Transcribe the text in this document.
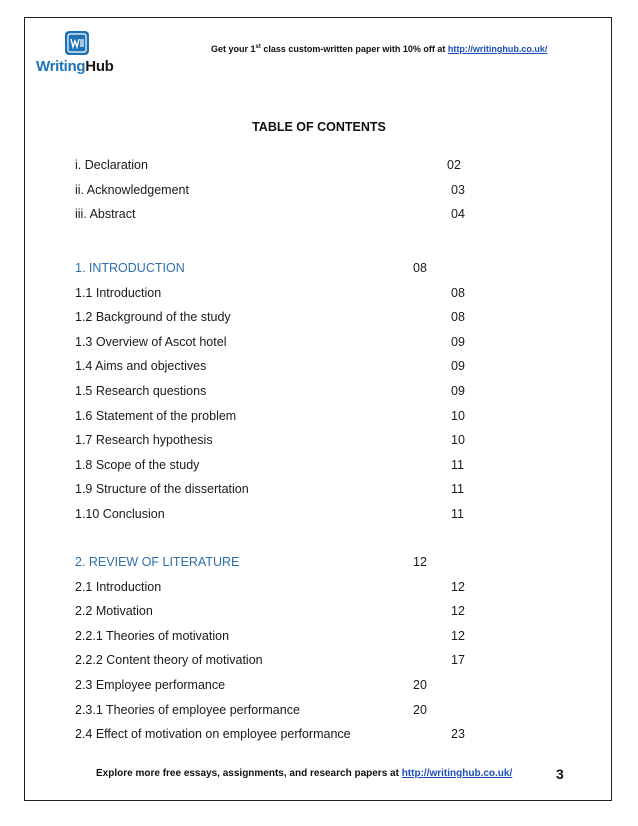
WritingHub
Get your 1st class custom-written paper with 10% off at http://writinghub.co.uk/
TABLE OF CONTENTS
i. Declaration	02
ii. Acknowledgement	03
iii. Abstract	04
1. INTRODUCTION	08
1.1 Introduction	08
1.2 Background of the study	08
1.3 Overview of Ascot hotel	09
1.4 Aims and objectives	09
1.5 Research questions	09
1.6 Statement of the problem	10
1.7 Research hypothesis	10
1.8 Scope of the study	11
1.9 Structure of the dissertation	11
1.10 Conclusion	11
2. REVIEW OF LITERATURE	12
2.1 Introduction	12
2.2 Motivation	12
2.2.1 Theories of motivation	12
2.2.2 Content theory of motivation	17
2.3 Employee performance	20
2.3.1 Theories of employee performance	20
2.4 Effect of motivation on employee performance	23
Explore more free essays, assignments, and research papers at http://writinghub.co.uk/	3
